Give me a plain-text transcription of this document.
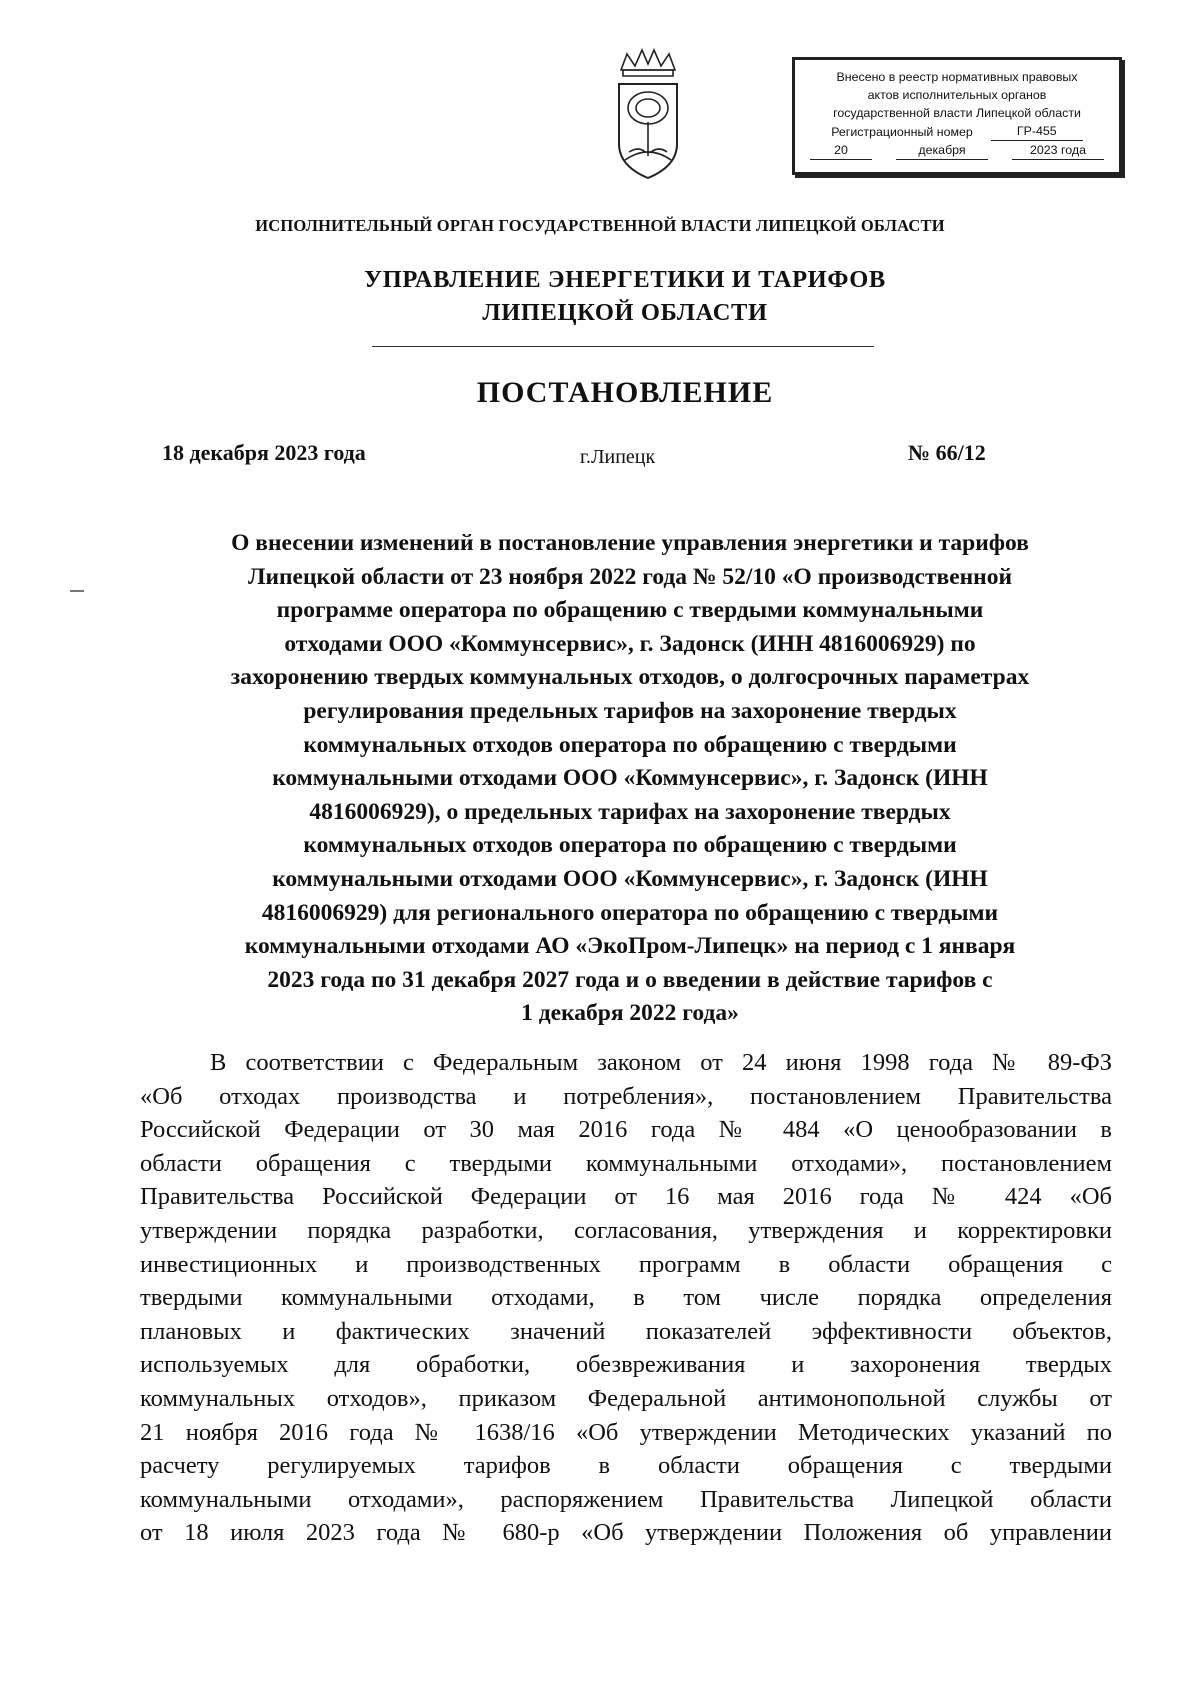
Внесено в реестр нормативных правовых
актов исполнительных органов
государственной власти Липецкой области
Регистрационный номер	ГР-455
20	декабря	2023 года
ИСПОЛНИТЕЛЬНЫЙ ОРГАН ГОСУДАРСТВЕННОЙ ВЛАСТИ ЛИПЕЦКОЙ ОБЛАСТИ
УПРАВЛЕНИЕ ЭНЕРГЕТИКИ И ТАРИФОВ
ЛИПЕЦКОЙ ОБЛАСТИ
ПОСТАНОВЛЕНИЕ
18 декабря 2023 года	г.Липецк	№ 66/12
О внесении изменений в постановление управления энергетики и тарифов
Липецкой области от 23 ноября 2022 года № 52/10 «О производственной
программе оператора по обращению с твердыми коммунальными
отходами ООО «Коммунсервис», г. Задонск (ИНН 4816006929) по
захоронению твердых коммунальных отходов, о долгосрочных параметрах
регулирования предельных тарифов на захоронение твердых
коммунальных отходов оператора по обращению с твердыми
коммунальными отходами ООО «Коммунсервис», г. Задонск (ИНН
4816006929), о предельных тарифах на захоронение твердых
коммунальных отходов оператора по обращению с твердыми
коммунальными отходами ООО «Коммунсервис», г. Задонск (ИНН
4816006929) для регионального оператора по обращению с твердыми
коммунальными отходами АО «ЭкоПром-Липецк» на период с 1 января
2023 года по 31 декабря 2027 года и о введении в действие тарифов с
1 декабря 2022 года»
В соответствии с Федеральным законом от 24 июня 1998 года № 89-ФЗ
«Об отходах производства и потребления», постановлением Правительства
Российской Федерации от 30 мая 2016 года № 484 «О ценообразовании в
области обращения с твердыми коммунальными отходами», постановлением
Правительства Российской Федерации от 16 мая 2016 года № 424 «Об
утверждении порядка разработки, согласования, утверждения и корректировки
инвестиционных и производственных программ в области обращения с
твердыми коммунальными отходами, в том числе порядка определения
плановых и фактических значений показателей эффективности объектов,
используемых для обработки, обезвреживания и захоронения твердых
коммунальных отходов», приказом Федеральной антимонопольной службы от
21 ноября 2016 года № 1638/16 «Об утверждении Методических указаний по
расчету регулируемых тарифов в области обращения с твердыми
коммунальными отходами», распоряжением Правительства Липецкой области
от 18 июля 2023 года № 680-р «Об утверждении Положения об управлении
